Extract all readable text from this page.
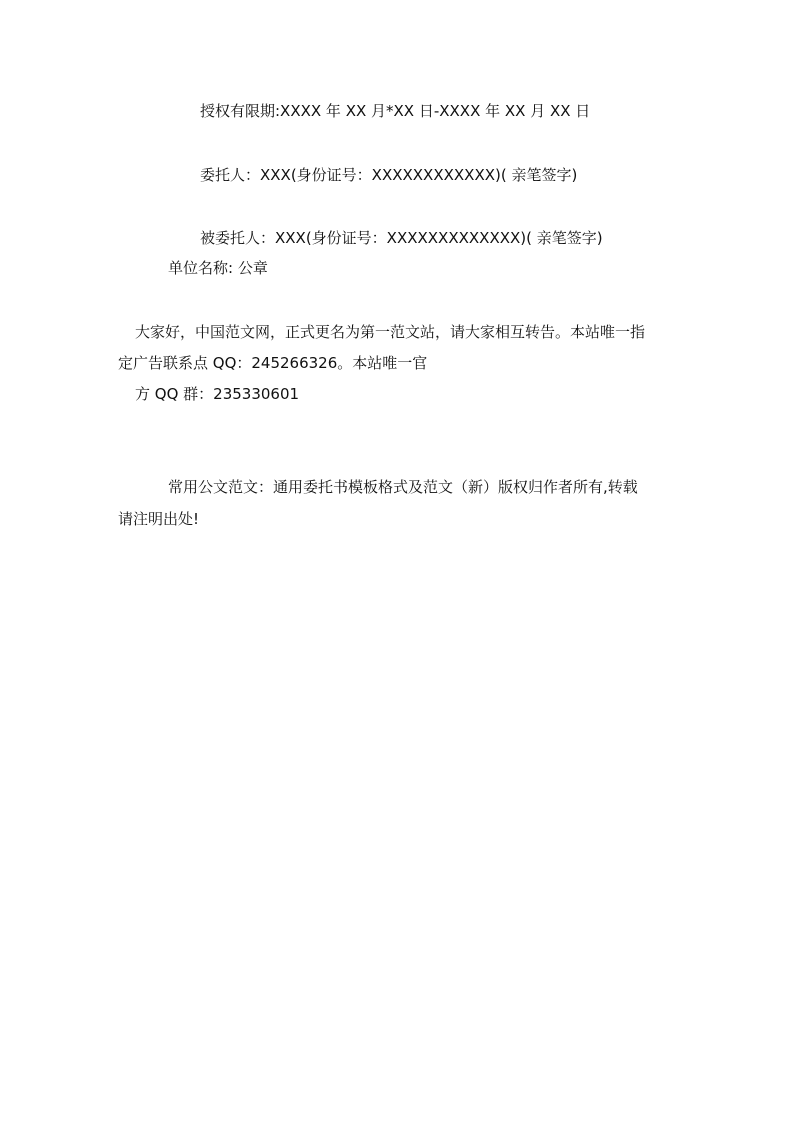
授权有限期:XXXX 年 XX 月*XX 日-XXXX 年 XX 月 XX 日
委托人：XXX(身份证号：XXXXXXXXXXXX)( 亲笔签字)
被委托人：XXX(身份证号：XXXXXXXXXXXXX)( 亲笔签字)
单位名称: 公章
大家好，中国范文网，正式更名为第一范文站，请大家相互转告。本站唯一指
定广告联系点 QQ：245266326。本站唯一官
方 QQ 群：235330601
常用公文范文：通用委托书模板格式及范文（新）版权归作者所有,转载
请注明出处!
